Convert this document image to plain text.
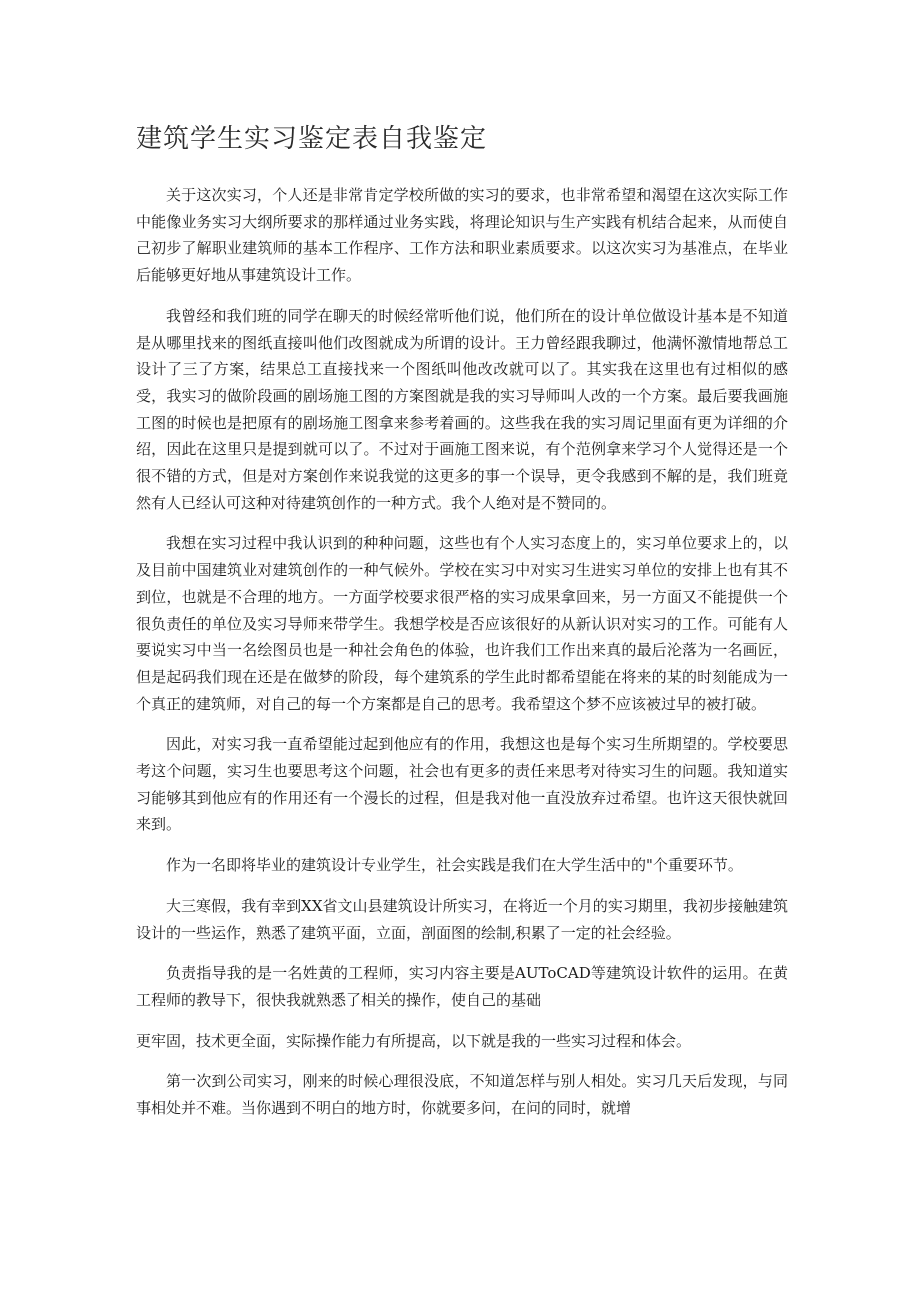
建筑学生实习鉴定表自我鉴定

关于这次实习，个人还是非常肯定学校所做的实习的要求，也非常希望和渴望在这次实际工作中能像业务实习大纲所要求的那样通过业务实践，将理论知识与生产实践有机结合起来，从而使自己初步了解职业建筑师的基本工作程序、工作方法和职业素质要求。以这次实习为基准点，在毕业后能够更好地从事建筑设计工作。

我曾经和我们班的同学在聊天的时候经常听他们说，他们所在的设计单位做设计基本是不知道是从哪里找来的图纸直接叫他们改图就成为所谓的设计。王力曾经跟我聊过，他满怀激情地帮总工设计了三了方案，结果总工直接找来一个图纸叫他改改就可以了。其实我在这里也有过相似的感受，我实习的做阶段画的剧场施工图的方案图就是我的实习导师叫人改的一个方案。最后要我画施工图的时候也是把原有的剧场施工图拿来参考着画的。这些我在我的实习周记里面有更为详细的介绍，因此在这里只是提到就可以了。不过对于画施工图来说，有个范例拿来学习个人觉得还是一个很不错的方式，但是对方案创作来说我觉的这更多的事一个误导，更令我感到不解的是，我们班竟然有人已经认可这种对待建筑创作的一种方式。我个人绝对是不赞同的。

我想在实习过程中我认识到的种种问题，这些也有个人实习态度上的，实习单位要求上的，以及目前中国建筑业对建筑创作的一种气候外。学校在实习中对实习生进实习单位的安排上也有其不到位，也就是不合理的地方。一方面学校要求很严格的实习成果拿回来，另一方面又不能提供一个很负责任的单位及实习导师来带学生。我想学校是否应该很好的从新认识对实习的工作。可能有人要说实习中当一名绘图员也是一种社会角色的体验，也许我们工作出来真的最后沦落为一名画匠，但是起码我们现在还是在做梦的阶段，每个建筑系的学生此时都希望能在将来的某的时刻能成为一个真正的建筑师，对自己的每一个方案都是自己的思考。我希望这个梦不应该被过早的被打破。

因此，对实习我一直希望能过起到他应有的作用，我想这也是每个实习生所期望的。学校要思考这个问题，实习生也要思考这个问题，社会也有更多的责任来思考对待实习生的问题。我知道实习能够其到他应有的作用还有一个漫长的过程，但是我对他一直没放弃过希望。也许这天很快就回来到。

作为一名即将毕业的建筑设计专业学生，社会实践是我们在大学生活中的"个重要环节。

大三寒假，我有幸到XX省文山县建筑设计所实习，在将近一个月的实习期里，我初步接触建筑设计的一些运作，熟悉了建筑平面，立面，剖面图的绘制,积累了一定的社会经验。

负责指导我的是一名姓黄的工程师，实习内容主要是AUToCAD等建筑设计软件的运用。在黄工程师的教导下，很快我就熟悉了相关的操作，使自己的基础

更牢固，技术更全面，实际操作能力有所提高，以下就是我的一些实习过程和体会。

第一次到公司实习，刚来的时候心理很没底，不知道怎样与别人相处。实习几天后发现，与同事相处并不难。当你遇到不明白的地方时，你就要多问，在问的同时，就增
